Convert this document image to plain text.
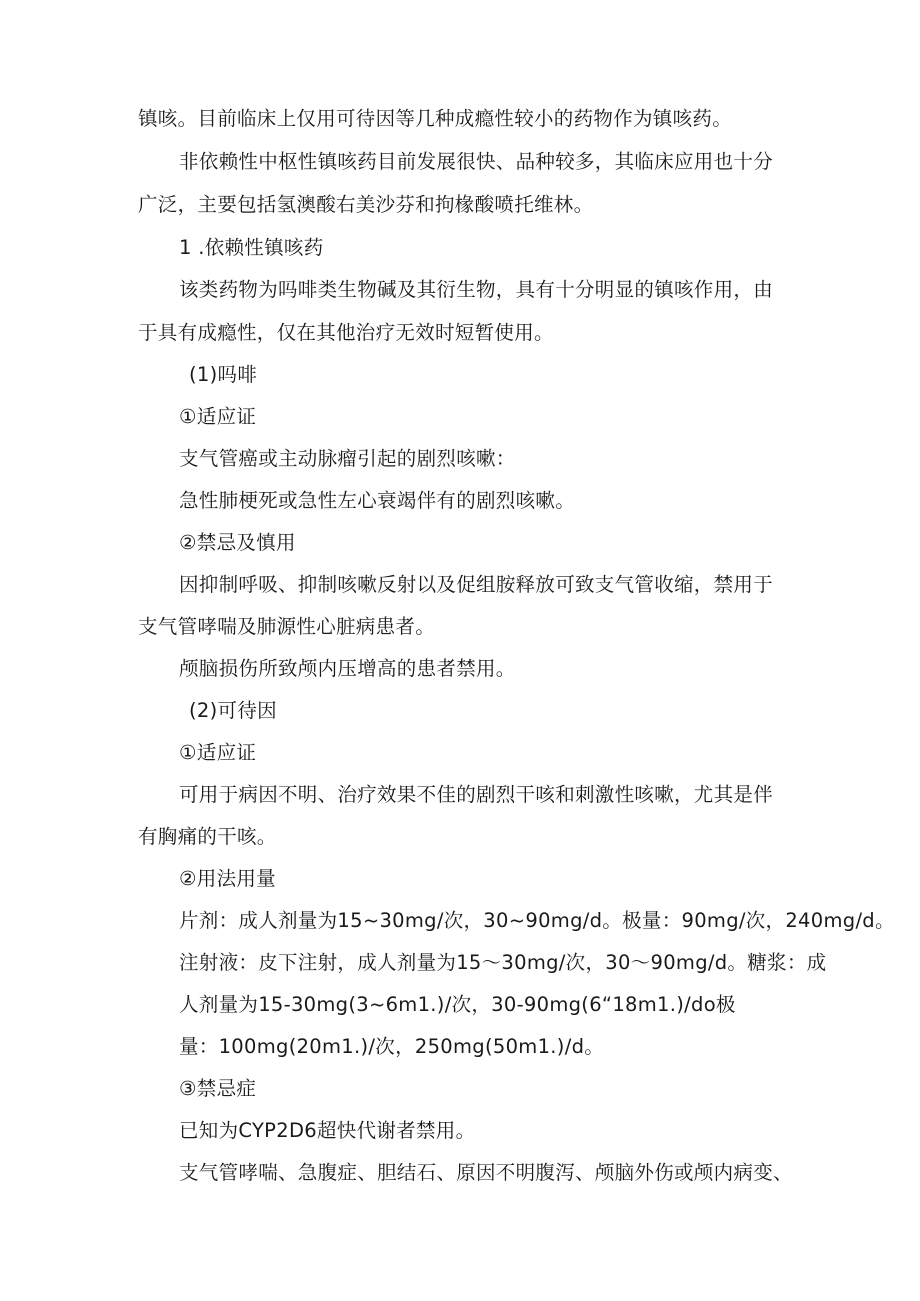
镇咳。目前临床上仅用可待因等几种成瘾性较小的药物作为镇咳药。
非依赖性中枢性镇咳药目前发展很快、品种较多，其临床应用也十分
广泛，主要包括氢澳酸右美沙芬和拘椽酸喷托维林。
1 .依赖性镇咳药
该类药物为吗啡类生物碱及其衍生物，具有十分明显的镇咳作用，由
于具有成瘾性，仅在其他治疗无效时短暂使用。
(1)吗啡
①适应证
支气管癌或主动脉瘤引起的剧烈咳嗽：
急性肺梗死或急性左心衰竭伴有的剧烈咳嗽。
②禁忌及慎用
因抑制呼吸、抑制咳嗽反射以及促组胺释放可致支气管收缩，禁用于
支气管哮喘及肺源性心脏病患者。
颅脑损伤所致颅内压增高的患者禁用。
(2)可待因
①适应证
可用于病因不明、治疗效果不佳的剧烈干咳和刺激性咳嗽，尤其是伴
有胸痛的干咳。
②用法用量
片剂：成人剂量为15~30mg/次，30~90mg/d。极量：90mg/次，240mg/d。
注射液：皮下注射，成人剂量为15～30mg/次，30～90mg/d。糖浆：成
人剂量为15-30mg(3~6m1.)/次，30-90mg(6“18m1.)/do极
量：100mg(20m1.)/次，250mg(50m1.)/d。
③禁忌症
已知为CYP2D6超快代谢者禁用。
支气管哮喘、急腹症、胆结石、原因不明腹泻、颅脑外伤或颅内病变、
